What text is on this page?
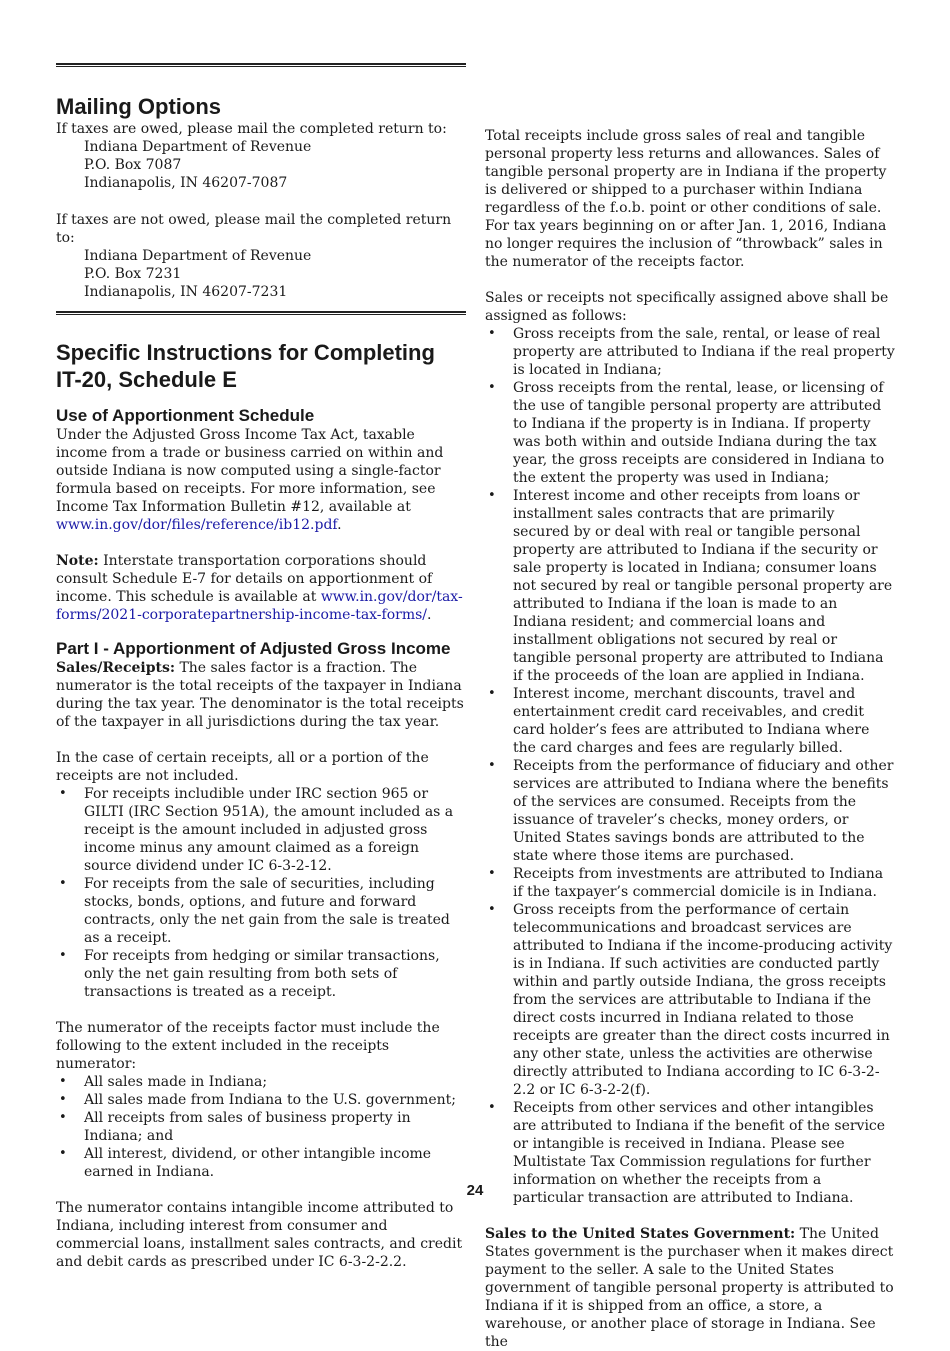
Mailing Options

If taxes are owed, please mail the completed return to:

Indiana Department of Revenue

P.O. Box 7087

Indianapolis, IN 46207-7087

If taxes are not owed, please mail the completed return to:

Indiana Department of Revenue

P.O. Box 7231

Indianapolis, IN 46207-7231

Specific Instructions for Completing IT-20, Schedule E
Use of Apportionment Schedule

Under the Adjusted Gross Income Tax Act, taxable income from a trade or business carried on within and outside Indiana is now computed using a single-factor formula based on receipts. For more information, see Income Tax Information Bulletin #12, available at www.in.gov/dor/files/reference/ib12.pdf.

Note: Interstate transportation corporations should consult Schedule E-7 for details on apportionment of income. This schedule is available at www.in.gov/dor/tax-forms/2021-corporatepartnership-income-tax-forms/.

Part I - Apportionment of Adjusted Gross Income

Sales/Receipts: The sales factor is a fraction. The numerator is the total receipts of the taxpayer in Indiana during the tax year. The denominator is the total receipts of the taxpayer in all jurisdictions during the tax year.

In the case of certain receipts, all or a portion of the receipts are not included.

• For receipts includible under IRC section 965 or GILTI (IRC Section 951A), the amount included as a receipt is the amount included in adjusted gross income minus any amount claimed as a foreign source dividend under IC 6-3-2-12.
• For receipts from the sale of securities, including stocks, bonds, options, and future and forward contracts, only the net gain from the sale is treated as a receipt.
• For receipts from hedging or similar transactions, only the net gain resulting from both sets of transactions is treated as a receipt.

The numerator of the receipts factor must include the following to the extent included in the receipts numerator:

• All sales made in Indiana;
• All sales made from Indiana to the U.S. government;
• All receipts from sales of business property in Indiana; and
• All interest, dividend, or other intangible income earned in Indiana.

The numerator contains intangible income attributed to Indiana, including interest from consumer and commercial loans, installment sales contracts, and credit and debit cards as prescribed under IC 6-3-2-2.2.

Total receipts include gross sales of real and tangible personal property less returns and allowances. Sales of tangible personal property are in Indiana if the property is delivered or shipped to a purchaser within Indiana regardless of the f.o.b. point or other conditions of sale. For tax years beginning on or after Jan. 1, 2016, Indiana no longer requires the inclusion of “throwback” sales in the numerator of the receipts factor.

Sales or receipts not specifically assigned above shall be assigned as follows:

• Gross receipts from the sale, rental, or lease of real property are attributed to Indiana if the real property is located in Indiana;
• Gross receipts from the rental, lease, or licensing of the use of tangible personal property are attributed to Indiana if the property is in Indiana. If property was both within and outside Indiana during the tax year, the gross receipts are considered in Indiana to the extent the property was used in Indiana;
• Interest income and other receipts from loans or installment sales contracts that are primarily secured by or deal with real or tangible personal property are attributed to Indiana if the security or sale property is located in Indiana; consumer loans not secured by real or tangible personal property are attributed to Indiana if the loan is made to an Indiana resident; and commercial loans and installment obligations not secured by real or tangible personal property are attributed to Indiana if the proceeds of the loan are applied in Indiana.
• Interest income, merchant discounts, travel and entertainment credit card receivables, and credit card holder’s fees are attributed to Indiana where the card charges and fees are regularly billed.
• Receipts from the performance of fiduciary and other services are attributed to Indiana where the benefits of the services are consumed. Receipts from the issuance of traveler’s checks, money orders, or United States savings bonds are attributed to the state where those items are purchased.
• Receipts from investments are attributed to Indiana if the taxpayer’s commercial domicile is in Indiana.
• Gross receipts from the performance of certain telecommunications and broadcast services are attributed to Indiana if the income-producing activity is in Indiana. If such activities are conducted partly within and partly outside Indiana, the gross receipts from the services are attributable to Indiana if the direct costs incurred in Indiana related to those receipts are greater than the direct costs incurred in any other state, unless the activities are otherwise directly attributed to Indiana according to IC 6-3-2-2.2 or IC 6-3-2-2(f).
• Receipts from other services and other intangibles are attributed to Indiana if the benefit of the service or intangible is received in Indiana. Please see Multistate Tax Commission regulations for further information on whether the receipts from a particular transaction are attributed to Indiana.

Sales to the United States Government: The United States government is the purchaser when it makes direct payment to the seller. A sale to the United States government of tangible personal property is attributed to Indiana if it is shipped from an office, a store, a warehouse, or another place of storage in Indiana. See the

24
